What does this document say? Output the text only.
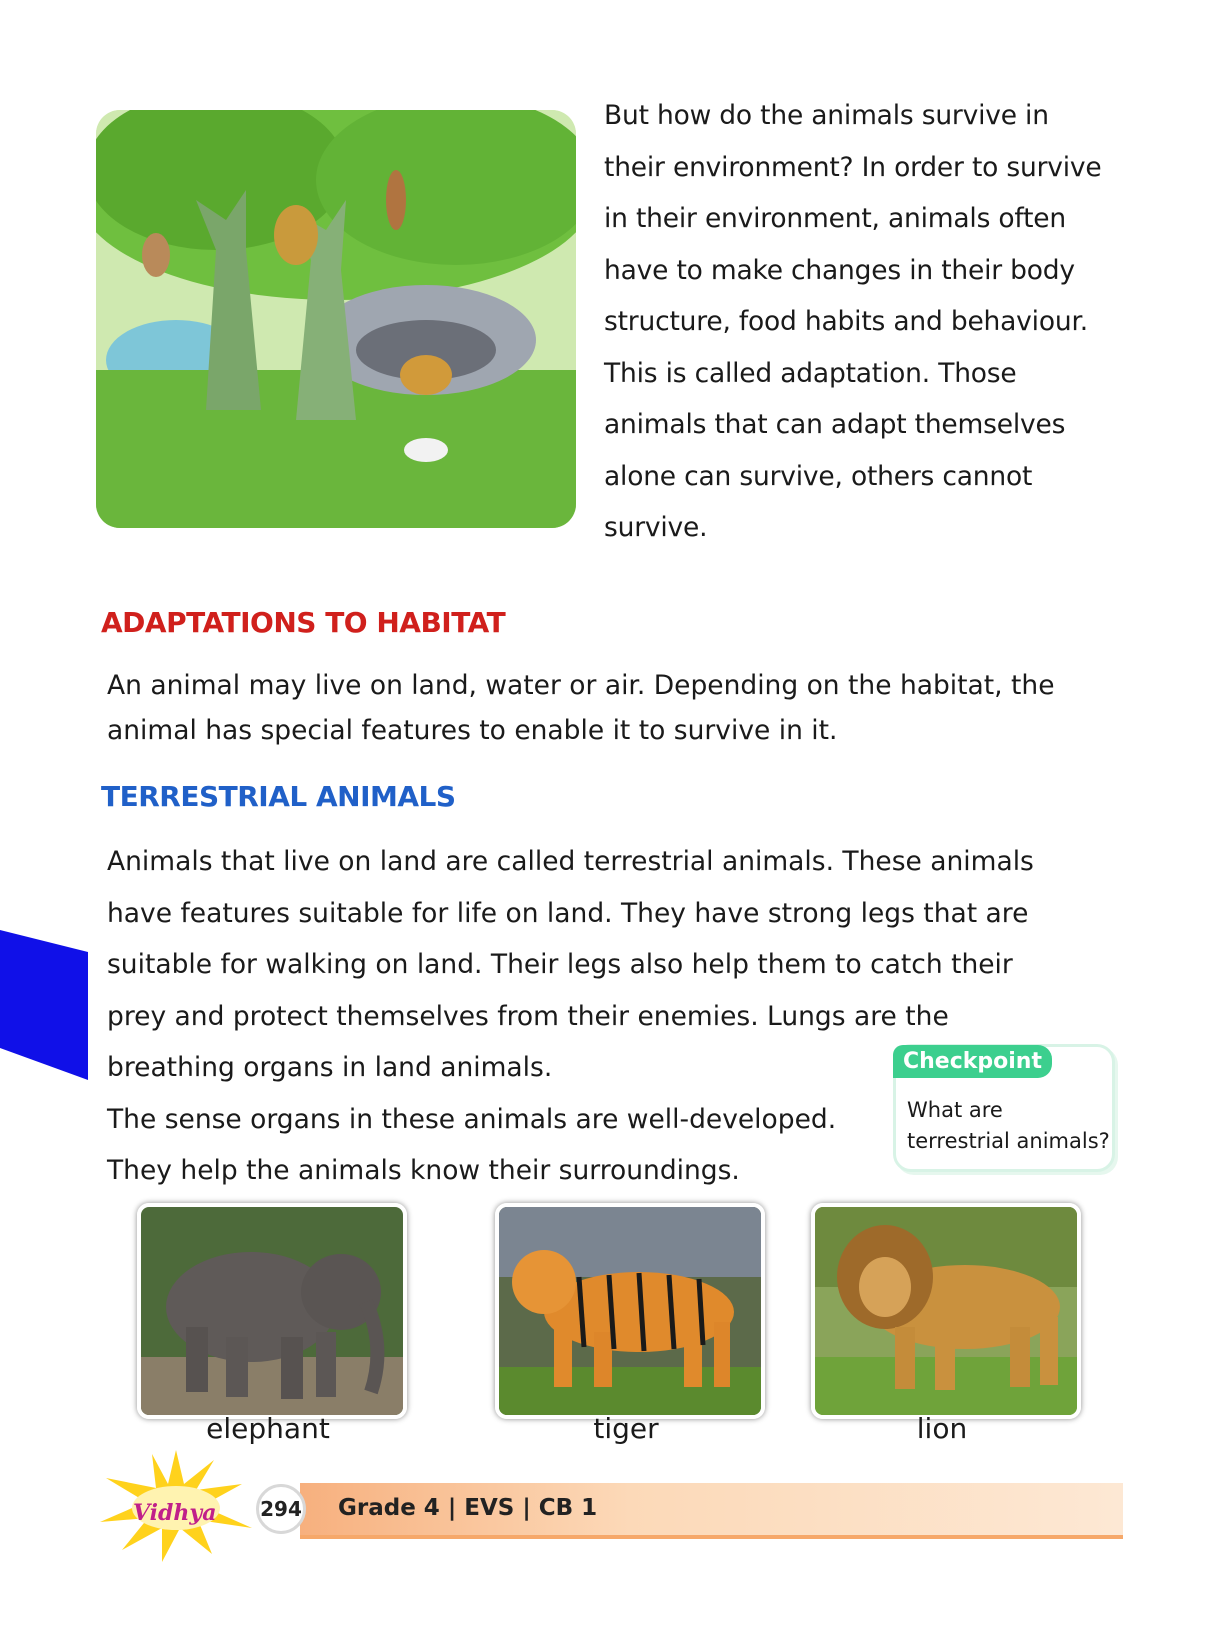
But how do the animals survive in

their environment? In order to survive

in their environment, animals often

have to make changes in their body

structure, food habits and behaviour.

This is called adaptation. Those

animals that can adapt themselves

alone can survive, others cannot

survive.

ADAPTATIONS TO HABITAT
An animal may live on land, water or air. Depending on the habitat, the animal has special features to enable it to survive in it.
TERRESTRIAL ANIMALS
Animals that live on land are called terrestrial animals. These animals
have features suitable for life on land. They have strong legs that are
suitable for walking on land. Their legs also help them to catch their
prey and protect themselves from their enemies. Lungs are the
breathing organs in land animals.
The sense organs in these animals are well-developed.
They help the animals know their surroundings.
Checkpoint
What are terrestrial animals?
elephant	tiger	lion
Vidhya 294 Grade 4 | EVS | CB 1
